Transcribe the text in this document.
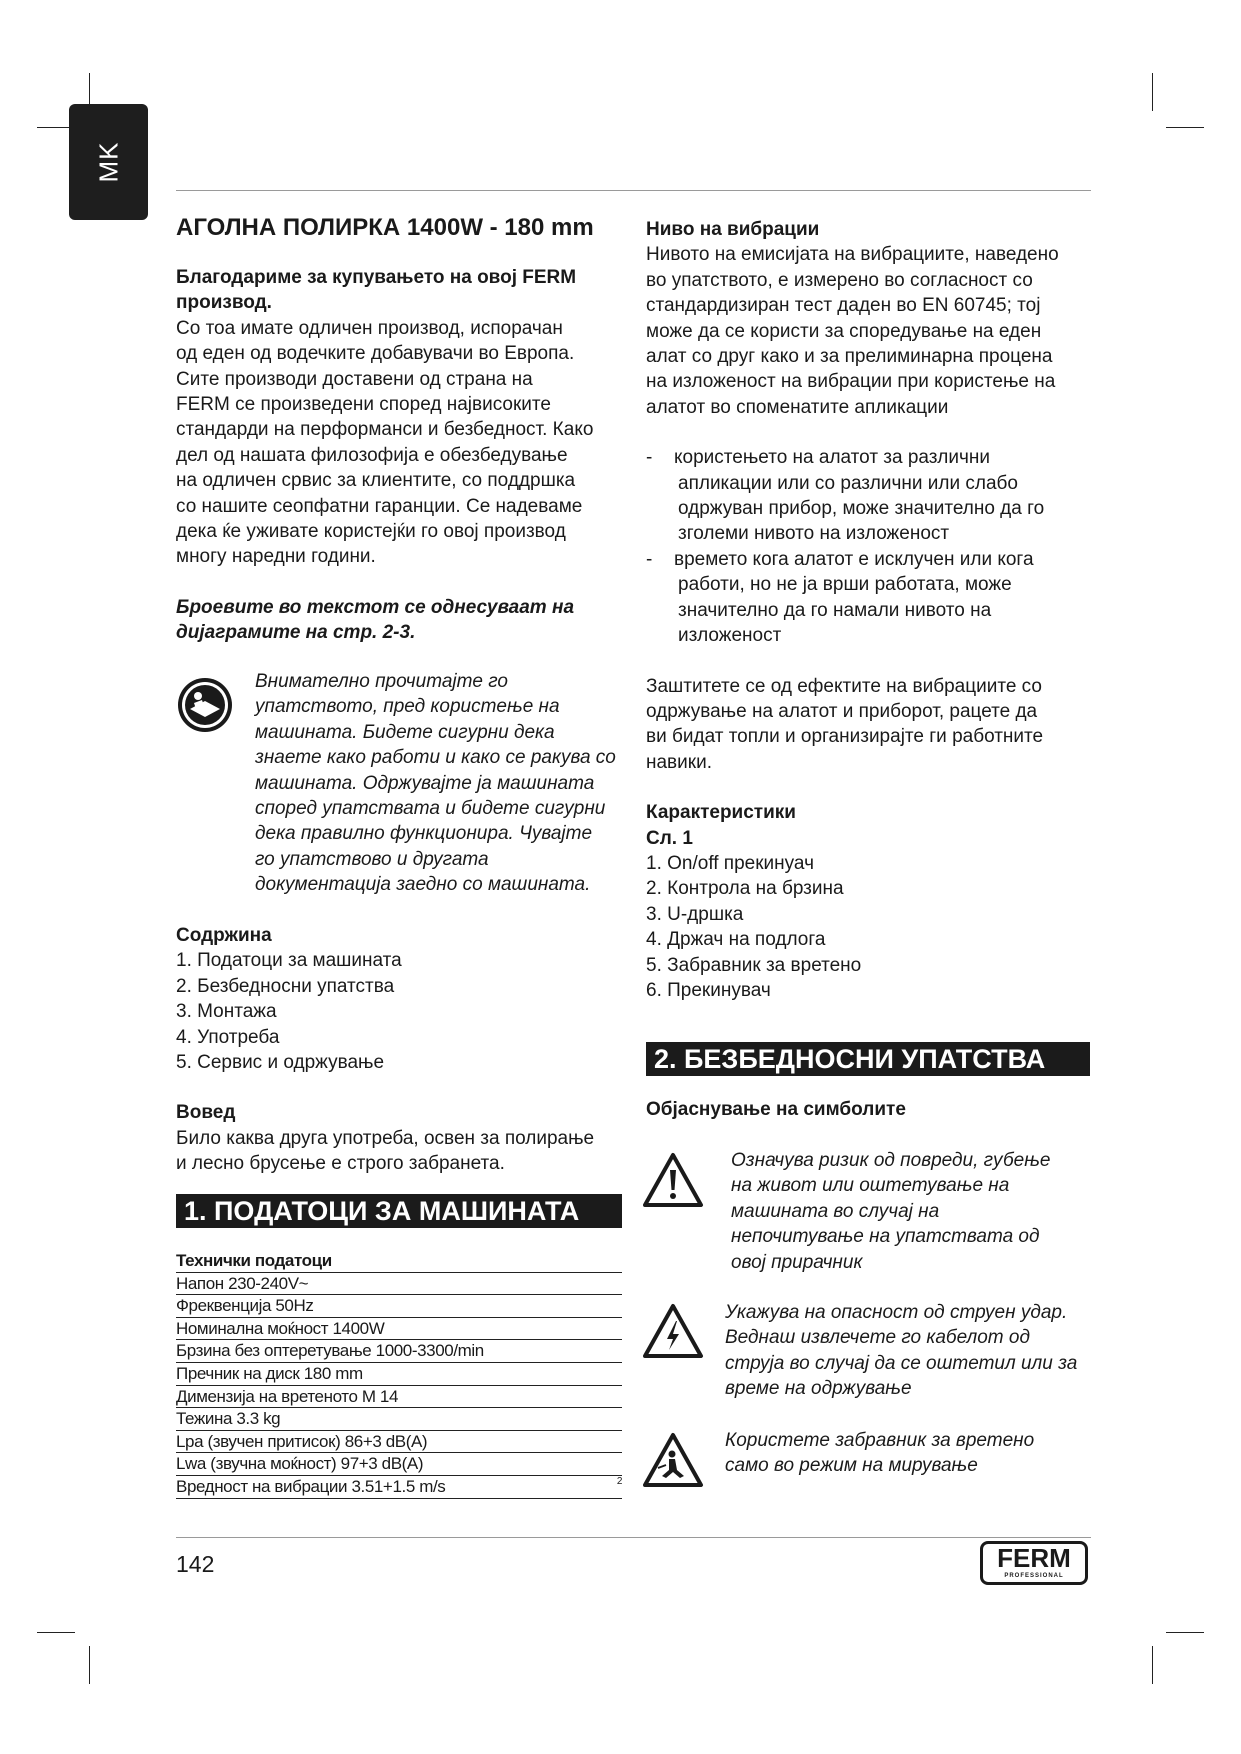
MK

АГОЛНА ПОЛИРКА 1400W - 180 mm

Благодариме за купувањето на овој FERM

производ.

Со тоа имате одличен производ, испорачан

од еден од водечките добавувачи во Европа.

Сите производи доставени од страна на

FERM се произведени според највисоките

стандарди на перформанси и безбедност. Како

дел од нашата филозофија е обезбедување

на одличен срвис за клиентите, со поддршка

со нашите сеопфатни гаранции. Се надеваме

дека ќе уживате користејќи го овој производ

многу наредни години.

Броевите во текстот се однесуваат на

дијаграмите на стр. 2-3.

Внимателно прочитајте го

упатството, пред користење на

машината. Бидете сигурни дека

знаете како работи и како се ракува со

машината. Одржувајте ја машината

според упатствата и бидете сигурни

дека правилно функционира. Чувајте

го упатствово и другата

документација заедно со машината.

Содржина

1. Податоци за машината

2. Безбедносни упатства

3. Монтажа

4. Употреба

5. Сервис и одржување

Вовед

Било каква друга употреба, освен за полирање

и лесно брусење е строго забранета.

1. ПОДАТОЦИ ЗА МАШИНАТА
Технички податоци
Напон 230-240V~
Фреквенција 50Hz
Номинална моќност 1400W
Брзина без оптеретување 1000-3300/min
Пречник на диск 180 mm
Димензија на вретеното M 14
Тежина 3.3 kg
Lpa (звучен притисок) 86+3 dB(A)
Lwa (звучна моќност) 97+3 dB(A)
Вредност на вибрации 3.51+1.5 m/s	2

Ниво на вибрации

Нивото на емисијата на вибрациите, наведено

во упатството, е измерено во согласност со

стандардизиран тест даден во EN 60745; тој

може да се користи за споредување на еден

алат со друг како и за прелиминарна процена

на изложеност на вибрации при користење на

алатот во споменатите апликации

- користењето на алатот за различни

апликации или со различни или слабо

одржуван прибор, може значително да го

зголеми нивото на изложеност

- времето кога алатот е исклучен или кога

работи, но не ја врши работата, може

значително да го намали нивото на

изложеност

Заштитете се од ефектите на вибрациите со

одржување на алатот и приборот, рацете да

ви бидат топли и организирајте ги работните

навики.

Карактеристики

Сл. 1

1. On/off прекинуач

2. Контрола на брзина

3. U-дршка

4. Држач на подлога

5. Забравник за вретено

6. Прекинувач

2. БЕЗБЕДНОСНИ УПАТСТВА
Објаснување на симболите

Означува ризик од повреди, губење

на живот или оштетување на

машината во случај на

непочитување на упатствата од

овој прирачник

Укажува на опасност од струен удар.

Веднаш извлечете го кабелот од

струја во случај да се оштетил или за

време на одржување

Користете забравник за вретено

само во режим на мирување

142	FERM
PROFESSIONAL
